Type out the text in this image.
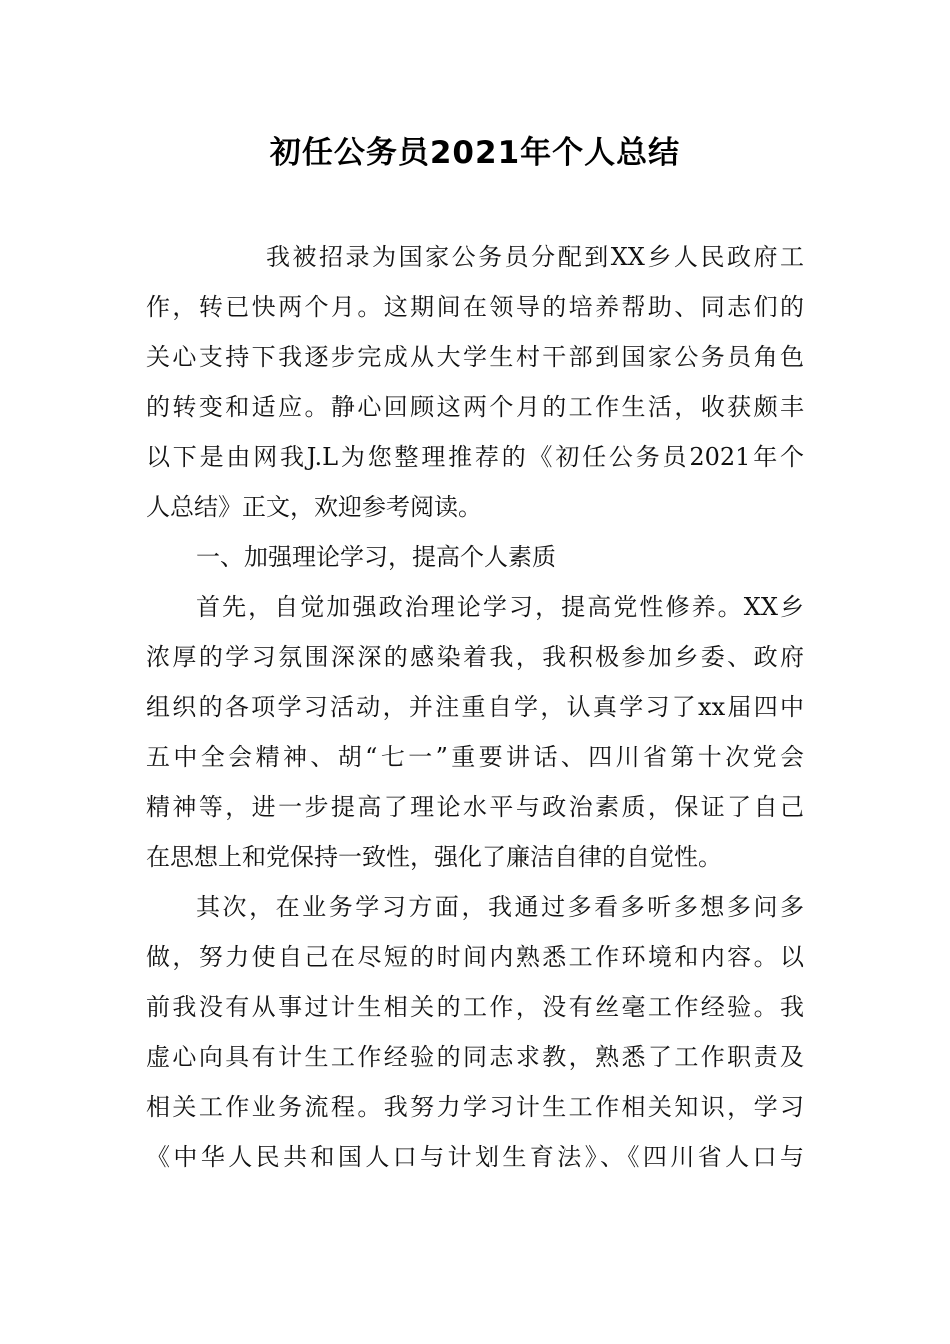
初任公务员2021年个人总结
我被招录为国家公务员分配到XX乡人民政府工
作，转已快两个月。这期间在领导的培养帮助、同志们的
关心支持下我逐步完成从大学生村干部到国家公务员角色
的转变和适应。静心回顾这两个月的工作生活，收获颇丰
以下是由网我J.L为您整理推荐的《初任公务员2021年个
人总结》正文，欢迎参考阅读。
一、加强理论学习，提高个人素质
首先，自觉加强政治理论学习，提高党性修养。XX乡
浓厚的学习氛围深深的感染着我，我积极参加乡委、政府
组织的各项学习活动，并注重自学，认真学习了xx届四中
五中全会精神、胡“七一”重要讲话、四川省第十次党会
精神等，进一步提高了理论水平与政治素质，保证了自己
在思想上和党保持一致性，强化了廉洁自律的自觉性。
其次，在业务学习方面，我通过多看多听多想多问多
做，努力使自己在尽短的时间内熟悉工作环境和内容。以
前我没有从事过计生相关的工作，没有丝毫工作经验。我
虚心向具有计生工作经验的同志求教，熟悉了工作职责及
相关工作业务流程。我努力学习计生工作相关知识，学习
《中华人民共和国人口与计划生育法》、《四川省人口与
